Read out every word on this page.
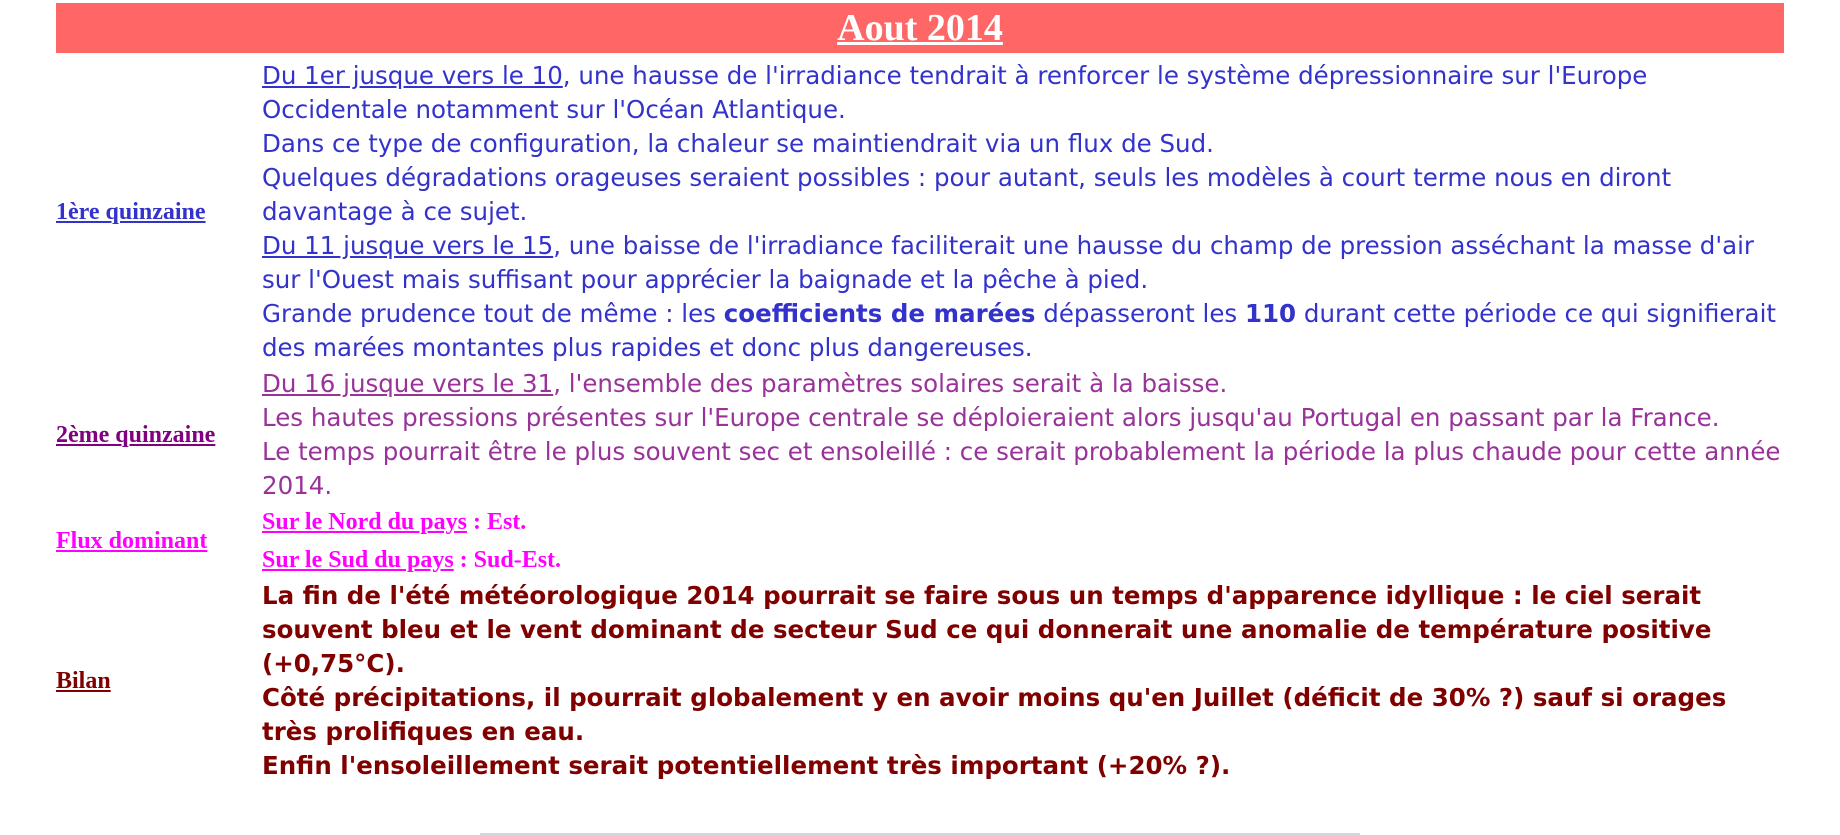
Aout 2014
1ère quinzaine	Du 1er jusque vers le 10, une hausse de l'irradiance tendrait à renforcer le système dépressionnaire sur l'Europe Occidentale notamment sur l'Océan Atlantique.
Dans ce type de configuration, la chaleur se maintiendrait via un flux de Sud.
Quelques dégradations orageuses seraient possibles : pour autant, seuls les modèles à court terme nous en diront davantage à ce sujet.
Du 11 jusque vers le 15, une baisse de l'irradiance faciliterait une hausse du champ de pression asséchant la masse d'air sur l'Ouest mais suffisant pour apprécier la baignade et la pêche à pied.
Grande prudence tout de même : les coefficients de marées dépasseront les 110 durant cette période ce qui signifierait des marées montantes plus rapides et donc plus dangereuses.

2ème quinzaine	Du 16 jusque vers le 31, l'ensemble des paramètres solaires serait à la baisse.
Les hautes pressions présentes sur l'Europe centrale se déploieraient alors jusqu'au Portugal en passant par la France.
Le temps pourrait être le plus souvent sec et ensoleillé : ce serait probablement la période la plus chaude pour cette année 2014.

Flux dominant	Sur le Nord du pays : Est.
Sur le Sud du pays : Sud-Est.

Bilan	La fin de l'été météorologique 2014 pourrait se faire sous un temps d'apparence idyllique : le ciel serait souvent bleu et le vent dominant de secteur Sud ce qui donnerait une anomalie de température positive (+0,75°C).
Côté précipitations, il pourrait globalement y en avoir moins qu'en Juillet (déficit de 30% ?) sauf si orages très prolifiques en eau.
Enfin l'ensoleillement serait potentiellement très important (+20% ?).
